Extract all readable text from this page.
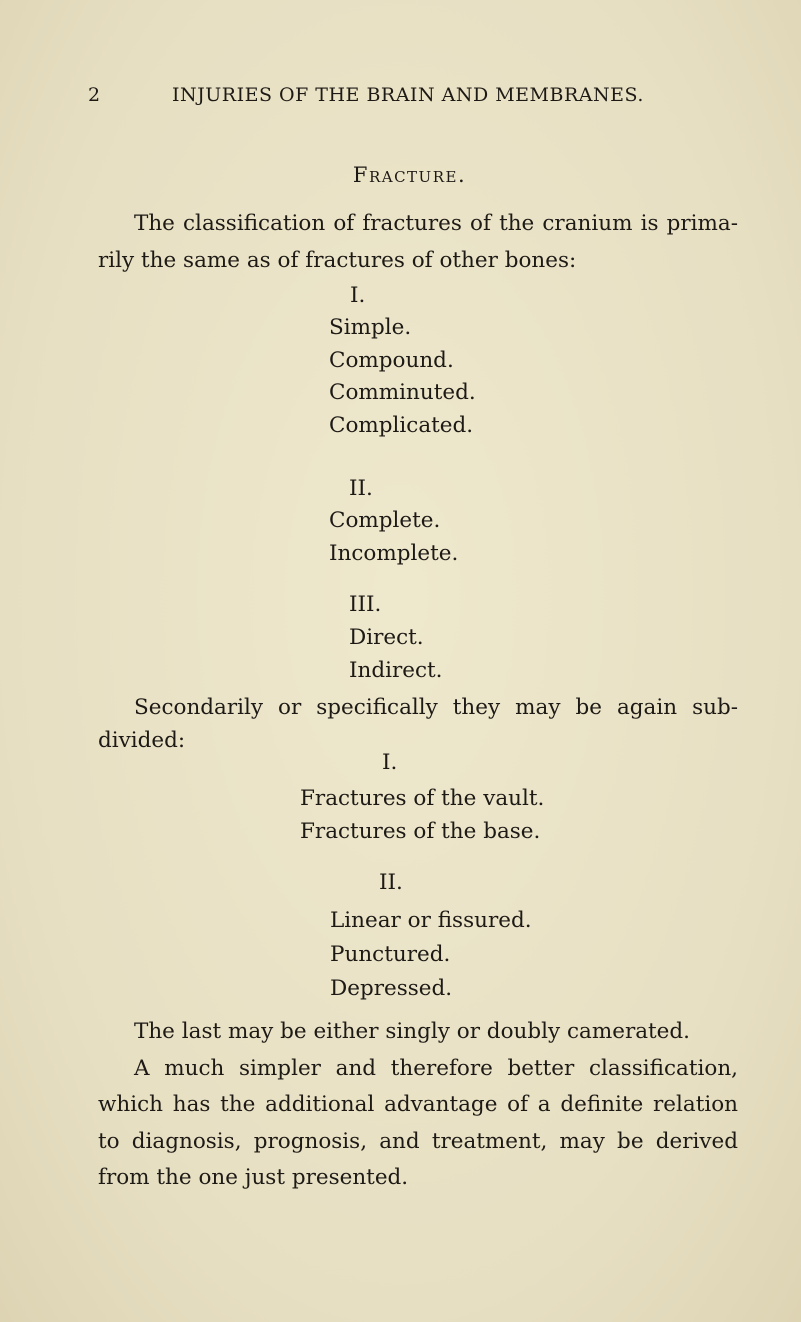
2	INJURIES OF THE BRAIN AND MEMBRANES.
Fracture.
The classification of fractures of the cranium is prima-
rily the same as of fractures of other bones:
I.
Simple.
Compound.
Comminuted.
Complicated.
II.
Complete.
Incomplete.
III.
Direct.
Indirect.
Secondarily or specifically they may be again sub-
divided:
I.
Fractures of the vault.
Fractures of the base.
II.
Linear or fissured.
Punctured.
Depressed.
The last may be either singly or doubly camerated.
A much simpler and therefore better classification,
which has the additional advantage of a definite relation
to diagnosis, prognosis, and treatment, may be derived
from the one just presented.
